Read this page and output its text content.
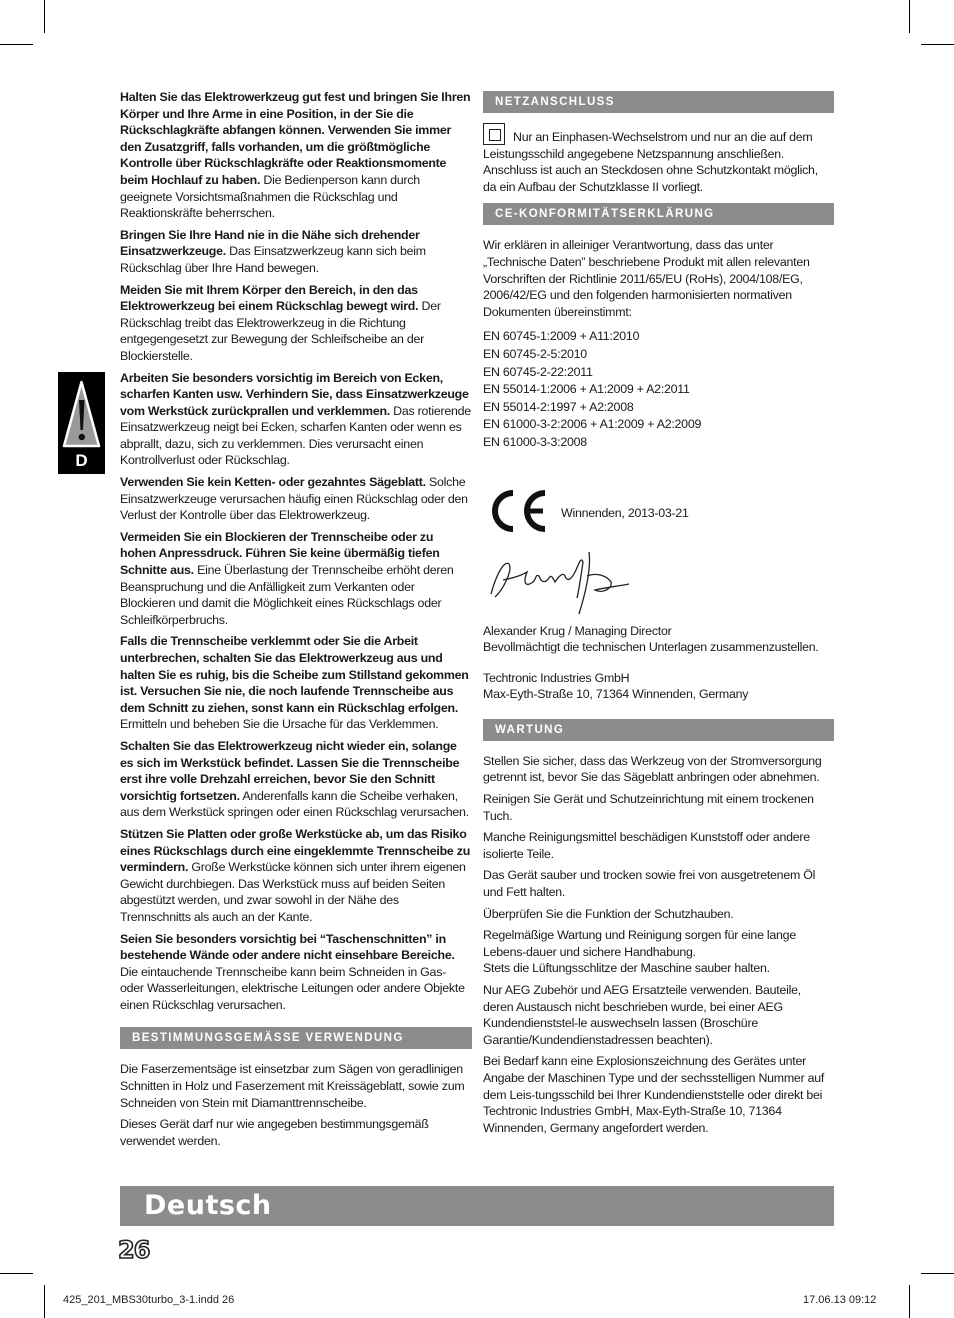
D

Halten Sie das Elektrowerkzeug gut fest und bringen Sie Ihren Körper und Ihre Arme in eine Position, in der Sie die Rückschlagkräfte abfangen können. Verwenden Sie immer den Zusatzgriff, falls vorhanden, um die größtmögliche Kontrolle über Rückschlagkräfte oder Reaktionsmomente beim Hochlauf zu haben. Die Bedienperson kann durch geeignete Vorsichtsmaßnahmen die Rückschlag und Reaktionskräfte beherrschen.

Bringen Sie Ihre Hand nie in die Nähe sich drehender Einsatzwerkzeuge. Das Einsatzwerkzeug kann sich beim Rückschlag über Ihre Hand bewegen.

Meiden Sie mit Ihrem Körper den Bereich, in den das Elektrowerkzeug bei einem Rückschlag bewegt wird. Der Rückschlag treibt das Elektrowerkzeug in die Richtung entgegengesetzt zur Bewegung der Schleifscheibe an der Blockierstelle.

Arbeiten Sie besonders vorsichtig im Bereich von Ecken, scharfen Kanten usw. Verhindern Sie, dass Einsatzwerkzeuge vom Werkstück zurückprallen und verklemmen. Das rotierende Einsatzwerkzeug neigt bei Ecken, scharfen Kanten oder wenn es abprallt, dazu, sich zu verklemmen. Dies verursacht einen Kontrollverlust oder Rückschlag.

Verwenden Sie kein Ketten- oder gezahntes Sägeblatt. Solche Einsatzwerkzeuge verursachen häufig einen Rückschlag oder den Verlust der Kontrolle über das Elektrowerkzeug.

Vermeiden Sie ein Blockieren der Trennscheibe oder zu hohen Anpressdruck. Führen Sie keine übermäßig tiefen Schnitte aus. Eine Überlastung der Trennscheibe erhöht deren Beanspruchung und die Anfälligkeit zum Verkanten oder Blockieren und damit die Möglichkeit eines Rückschlags oder Schleifkörperbruchs.

Falls die Trennscheibe verklemmt oder Sie die Arbeit unterbrechen, schalten Sie das Elektrowerkzeug aus und halten Sie es ruhig, bis die Scheibe zum Stillstand gekommen ist. Versuchen Sie nie, die noch laufende Trennscheibe aus dem Schnitt zu ziehen, sonst kann ein Rückschlag erfolgen. Ermitteln und beheben Sie die Ursache für das Verklemmen.

Schalten Sie das Elektrowerkzeug nicht wieder ein, solange es sich im Werkstück befindet. Lassen Sie die Trennscheibe erst ihre volle Drehzahl erreichen, bevor Sie den Schnitt vorsichtig fortsetzen. Anderenfalls kann die Scheibe verhaken, aus dem Werkstück springen oder einen Rückschlag verursachen.

Stützen Sie Platten oder große Werkstücke ab, um das Risiko eines Rückschlags durch eine eingeklemmte Trennscheibe zu vermindern. Große Werkstücke können sich unter ihrem eigenen Gewicht durchbiegen. Das Werkstück muss auf beiden Seiten abgestützt werden, und zwar sowohl in der Nähe des Trennschnitts als auch an der Kante.

Seien Sie besonders vorsichtig bei “Taschenschnitten” in bestehende Wände oder andere nicht einsehbare Bereiche. Die eintauchende Trennscheibe kann beim Schneiden in Gas- oder Wasserleitungen, elektrische Leitungen oder andere Objekte einen Rückschlag verursachen.

BESTIMMUNGSGEMÄSSE VERWENDUNG

Die Faserzementsäge ist einsetzbar zum Sägen von geradlinigen Schnitten in Holz und Faserzement mit Kreissägeblatt, sowie zum Schneiden von Stein mit Diamanttrennscheibe.

Dieses Gerät darf nur wie angegeben bestimmungsgemäß verwendet werden.

NETZANSCHLUSS

Nur an Einphasen-Wechselstrom und nur an die auf dem Leistungsschild angegebene Netzspannung anschließen. Anschluss ist auch an Steckdosen ohne Schutzkontakt möglich, da ein Aufbau der Schutzklasse II vorliegt.

CE-KONFORMITÄTSERKLÄRUNG

Wir erklären in alleiniger Verantwortung, dass das unter „Technische Daten” beschriebene Produkt mit allen relevanten Vorschriften der Richtlinie 2011/65/EU (RoHs), 2004/108/EG, 2006/42/EG und den folgenden harmonisierten normativen Dokumenten übereinstimmt:

EN 60745-1:2009 + A11:2010

EN 60745-2-5:2010

EN 60745-2-22:2011

EN 55014-1:2006 + A1:2009 + A2:2011

EN 55014-2:1997 + A2:2008

EN 61000-3-2:2006 + A1:2009 + A2:2009

EN 61000-3-3:2008

Winnenden, 2013-03-21

Alexander Krug / Managing Director
Bevollmächtigt die technischen Unterlagen zusammenzustellen.

Techtronic Industries GmbH
Max-Eyth-Straße 10, 71364 Winnenden, Germany

WARTUNG

Stellen Sie sicher, dass das Werkzeug von der Stromversorgung getrennt ist, bevor Sie das Sägeblatt anbringen oder abnehmen.

Reinigen Sie Gerät und Schutzeinrichtung mit einem trockenen Tuch.

Manche Reinigungsmittel beschädigen Kunststoff oder andere isolierte Teile.

Das Gerät sauber und trocken sowie frei von ausgetretenem Öl und Fett halten.

Überprüfen Sie die Funktion der Schutzhauben.

Regelmäßige Wartung und Reinigung sorgen für eine lange Lebens-dauer und sichere Handhabung.

Stets die Lüftungsschlitze der Maschine sauber halten.

Nur AEG Zubehör und AEG Ersatzteile verwenden. Bauteile, deren Austausch nicht beschrieben wurde, bei einer AEG Kundendienststel-le auswechseln lassen (Broschüre Garantie/Kundendienstadressen beachten).

Bei Bedarf kann eine Explosionszeichnung des Gerätes unter Angabe der Maschinen Type und der sechsstelligen Nummer auf dem Leis-tungsschild bei Ihrer Kundendienststelle oder direkt bei Techtronic Industries GmbH, Max-Eyth-Straße 10, 71364 Winnenden, Germany angefordert werden.

Deutsch
26
425_201_MBS30turbo_3-1.indd 26	17.06.13 09:12
